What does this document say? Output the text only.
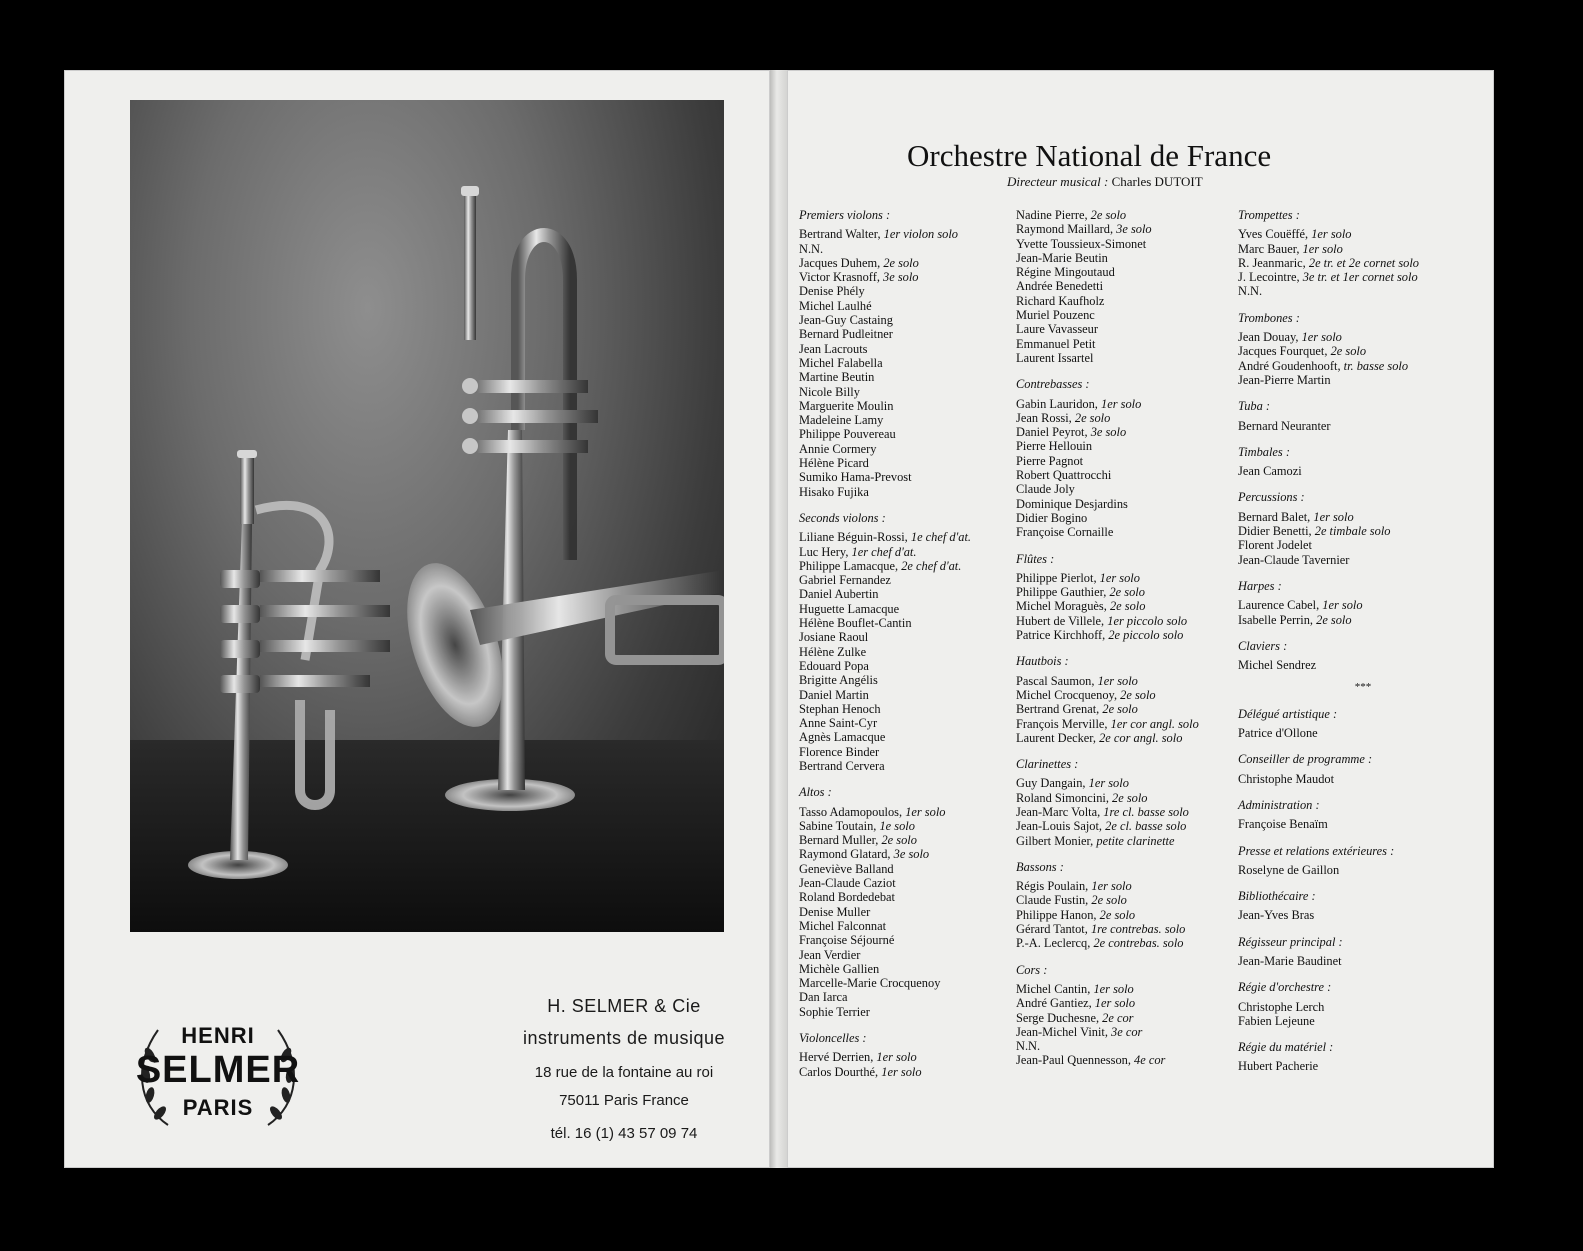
HENRI
SELMER
PARIS
H. SELMER & Cie
instruments de musique
18 rue de la fontaine au roi
75011 Paris France
tél. 16 (1) 43 57 09 74
Orchestre National de France
Directeur musical : Charles DUTOIT
Premiers violons :
Bertrand Walter, 1er violon solo
N.N.
Jacques Duhem, 2e solo
Victor Krasnoff, 3e solo
Denise Phély
Michel Laulhé
Jean-Guy Castaing
Bernard Pudleitner
Jean Lacrouts
Michel Falabella
Martine Beutin
Nicole Billy
Marguerite Moulin
Madeleine Lamy
Philippe Pouvereau
Annie Cormery
Hélène Picard
Sumiko Hama-Prevost
Hisako Fujika
Seconds violons :
Liliane Béguin-Rossi, 1e chef d'at.
Luc Hery, 1er chef d'at.
Philippe Lamacque, 2e chef d'at.
Gabriel Fernandez
Daniel Aubertin
Huguette Lamacque
Hélène Bouflet-Cantin
Josiane Raoul
Hélène Zulke
Edouard Popa
Brigitte Angélis
Daniel Martin
Stephan Henoch
Anne Saint-Cyr
Agnès Lamacque
Florence Binder
Bertrand Cervera
Altos :
Tasso Adamopoulos, 1er solo
Sabine Toutain, 1e solo
Bernard Muller, 2e solo
Raymond Glatard, 3e solo
Geneviève Balland
Jean-Claude Caziot
Roland Bordedebat
Denise Muller
Michel Falconnat
Françoise Séjourné
Jean Verdier
Michèle Gallien
Marcelle-Marie Crocquenoy
Dan Iarca
Sophie Terrier
Violoncelles :
Hervé Derrien, 1er solo
Carlos Dourthé, 1er solo
Nadine Pierre, 2e solo
Raymond Maillard, 3e solo
Yvette Toussieux-Simonet
Jean-Marie Beutin
Régine Mingoutaud
Andrée Benedetti
Richard Kaufholz
Muriel Pouzenc
Laure Vavasseur
Emmanuel Petit
Laurent Issartel
Contrebasses :
Gabin Lauridon, 1er solo
Jean Rossi, 2e solo
Daniel Peyrot, 3e solo
Pierre Hellouin
Pierre Pagnot
Robert Quattrocchi
Claude Joly
Dominique Desjardins
Didier Bogino
Françoise Cornaille
Flûtes :
Philippe Pierlot, 1er solo
Philippe Gauthier, 2e solo
Michel Moraguès, 2e solo
Hubert de Villele, 1er piccolo solo
Patrice Kirchhoff, 2e piccolo solo
Hautbois :
Pascal Saumon, 1er solo
Michel Crocquenoy, 2e solo
Bertrand Grenat, 2e solo
François Merville, 1er cor angl. solo
Laurent Decker, 2e cor angl. solo
Clarinettes :
Guy Dangain, 1er solo
Roland Simoncini, 2e solo
Jean-Marc Volta, 1re cl. basse solo
Jean-Louis Sajot, 2e cl. basse solo
Gilbert Monier, petite clarinette
Bassons :
Régis Poulain, 1er solo
Claude Fustin, 2e solo
Philippe Hanon, 2e solo
Gérard Tantot, 1re contrebas. solo
P.-A. Leclercq, 2e contrebas. solo
Cors :
Michel Cantin, 1er solo
André Gantiez, 1er solo
Serge Duchesne, 2e cor
Jean-Michel Vinit, 3e cor
N.N.
Jean-Paul Quennesson, 4e cor
Trompettes :
Yves Couëffé, 1er solo
Marc Bauer, 1er solo
R. Jeanmaric, 2e tr. et 2e cornet solo
J. Lecointre, 3e tr. et 1er cornet solo
N.N.
Trombones :
Jean Douay, 1er solo
Jacques Fourquet, 2e solo
André Goudenhooft, tr. basse solo
Jean-Pierre Martin
Tuba :
Bernard Neuranter
Timbales :
Jean Camozi
Percussions :
Bernard Balet, 1er solo
Didier Benetti, 2e timbale solo
Florent Jodelet
Jean-Claude Tavernier
Harpes :
Laurence Cabel, 1er solo
Isabelle Perrin, 2e solo
Claviers :
Michel Sendrez
***
Délégué artistique :
Patrice d'Ollone
Conseiller de programme :
Christophe Maudot
Administration :
Françoise Benaïm
Presse et relations extérieures :
Roselyne de Gaillon
Bibliothécaire :
Jean-Yves Bras
Régisseur principal :
Jean-Marie Baudinet
Régie d'orchestre :
Christophe Lerch
Fabien Lejeune
Régie du matériel :
Hubert Pacherie
